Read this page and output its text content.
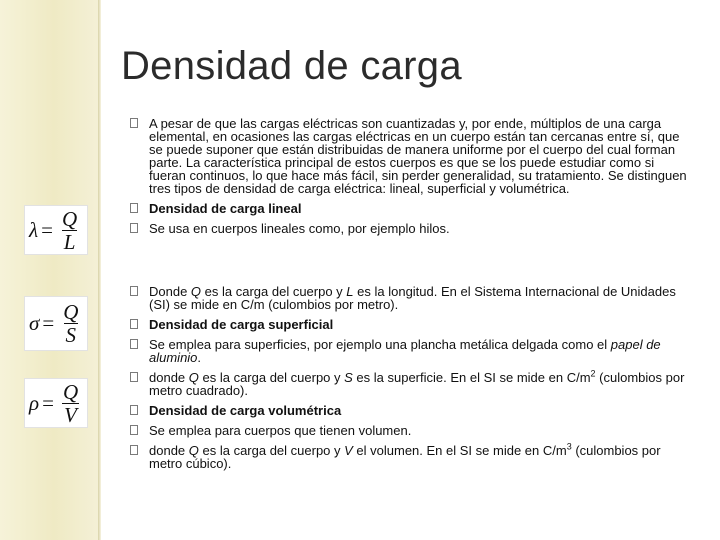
Densidad de carga
$\lambda = \frac{Q}{L}$
$\sigma = \frac{Q}{S}$
$\rho = \frac{Q}{V}$
A pesar de que las cargas eléctricas son cuantizadas y, por ende, múltiplos de una carga elemental, en ocasiones las cargas eléctricas en un cuerpo están tan cercanas entre sí, que se puede suponer que están distribuidas de manera uniforme por el cuerpo del cual forman parte. La característica principal de estos cuerpos es que se los puede estudiar como si fueran continuos, lo que hace más fácil, sin perder generalidad, su tratamiento. Se distinguen tres tipos de densidad de carga eléctrica: lineal, superficial y volumétrica.
Densidad de carga lineal
Se usa en cuerpos lineales como, por ejemplo hilos.
Donde Q es la carga del cuerpo y L es la longitud. En el Sistema Internacional de Unidades (SI) se mide en C/m (culombios por metro).
Densidad de carga superficial
Se emplea para superficies, por ejemplo una plancha metálica delgada como el papel de aluminio.
donde Q es la carga del cuerpo y S es la superficie. En el SI se mide en $C/m^2$ (culombios por metro cuadrado).
Densidad de carga volumétrica
Se emplea para cuerpos que tienen volumen.
donde Q es la carga del cuerpo y V el volumen. En el SI se mide en $C/m^3$ (culombios por metro cúbico).
